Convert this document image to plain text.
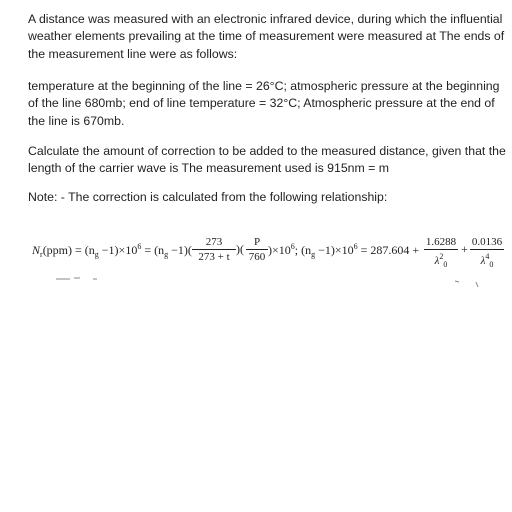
A distance was measured with an electronic infrared device, during which the influential weather elements prevailing at the time of measurement were measured at The ends of the measurement line were as follows:

temperature at the beginning of the line = 26°C; atmospheric pressure at the beginning of the line 680mb; end of line temperature = 32°C; Atmospheric pressure at the end of the line is 670mb.

Calculate the amount of correction to be added to the measured distance, given that the length of the carrier wave is The measurement used is 915nm = m

Note: - The correction is calculated from the following relationship:

$N_r(ppm) = (n_g -1)\times 10^6 = (n_g -1)$(
273
273 + t
)( P
760 )$\times 10^6$; $(n_g -1)\times 10^6 = 287.604$ +
1.6288
$\lambda^2_0$
+ 0.0136
$\lambda^4_0$
